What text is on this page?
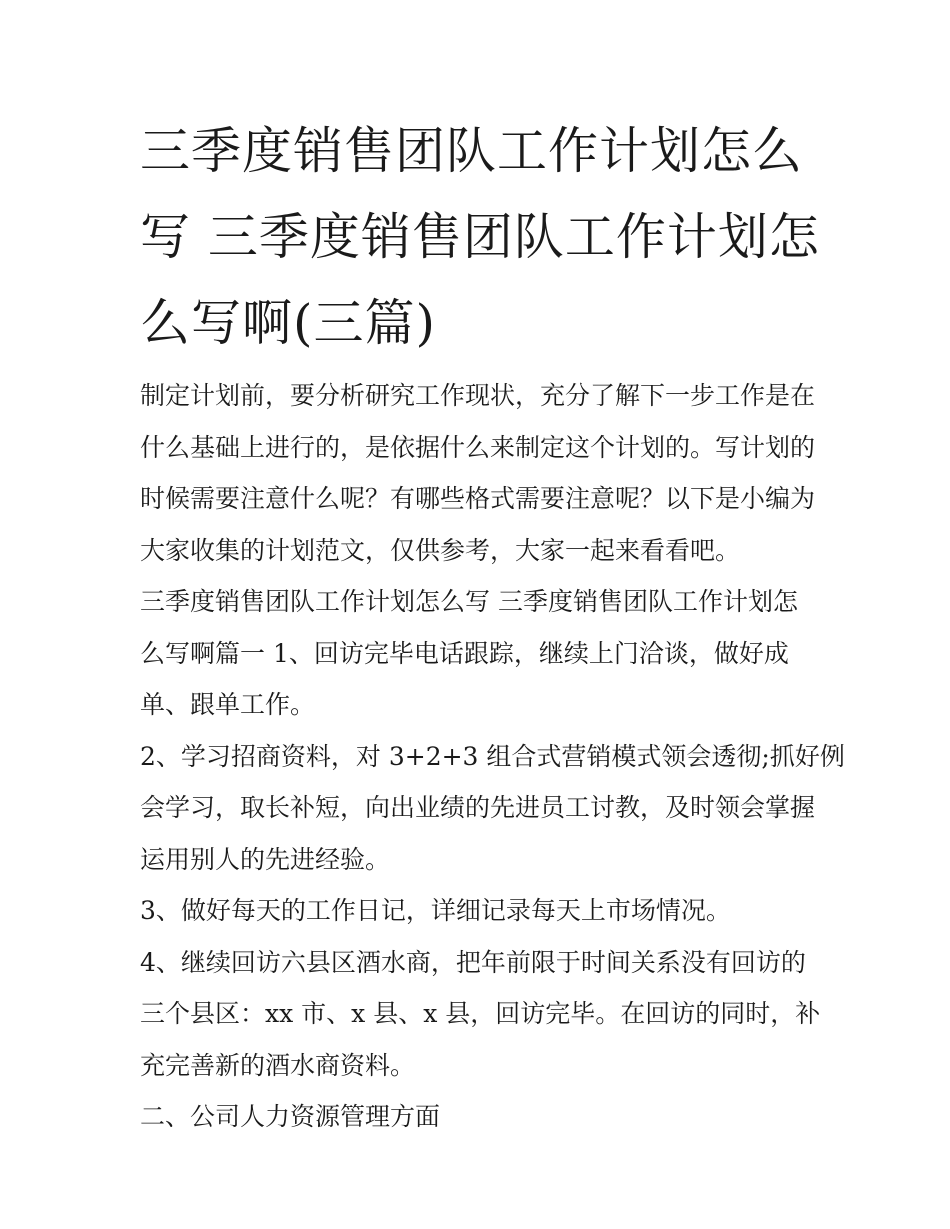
三季度销售团队工作计划怎么
写 三季度销售团队工作计划怎
么写啊(三篇)

制定计划前，要分析研究工作现状，充分了解下一步工作是在
什么基础上进行的，是依据什么来制定这个计划的。写计划的
时候需要注意什么呢？有哪些格式需要注意呢？以下是小编为
大家收集的计划范文，仅供参考，大家一起来看看吧。

三季度销售团队工作计划怎么写 三季度销售团队工作计划怎
么写啊篇一 1、回访完毕电话跟踪，继续上门洽谈，做好成
单、跟单工作。

2、学习招商资料，对 3+2+3 组合式营销模式领会透彻;抓好例
会学习，取长补短，向出业绩的先进员工讨教，及时领会掌握
运用别人的先进经验。

3、做好每天的工作日记，详细记录每天上市场情况。

4、继续回访六县区酒水商，把年前限于时间关系没有回访的
三个县区：xx 市、x 县、x 县，回访完毕。在回访的同时，补
充完善新的酒水商资料。

二、公司人力资源管理方面
